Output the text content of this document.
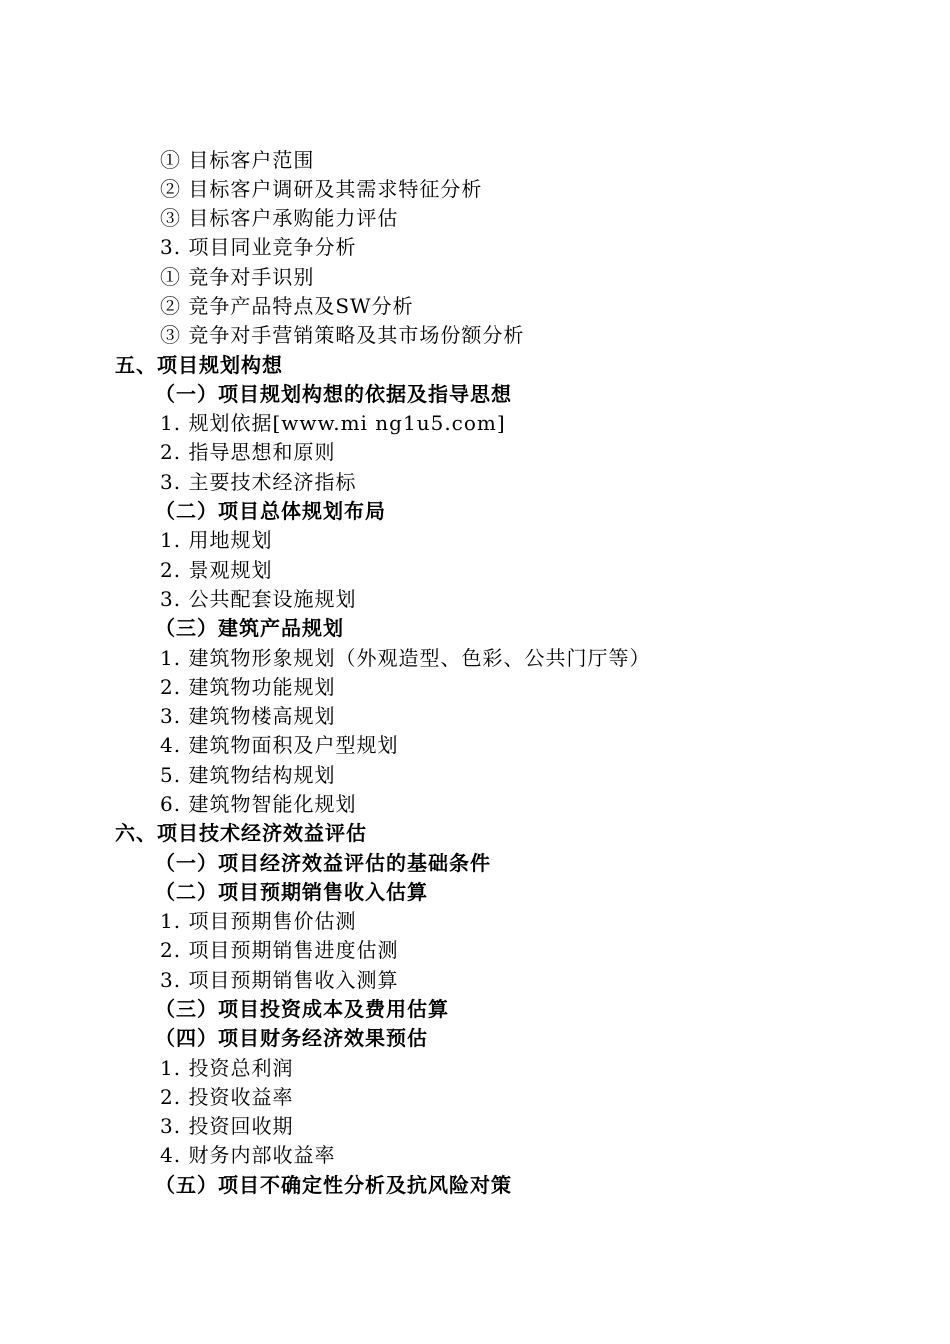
① 目标客户范围
② 目标客户调研及其需求特征分析
③ 目标客户承购能力评估
3. 项目同业竞争分析
① 竞争对手识别
② 竞争产品特点及SW分析
③ 竞争对手营销策略及其市场份额分析
五、项目规划构想
（一）项目规划构想的依据及指导思想
1. 规划依据[www.mi ng1u5.com]
2. 指导思想和原则
3. 主要技术经济指标
（二）项目总体规划布局
1. 用地规划
2. 景观规划
3. 公共配套设施规划
（三）建筑产品规划
1. 建筑物形象规划（外观造型、色彩、公共门厅等）
2. 建筑物功能规划
3. 建筑物楼高规划
4. 建筑物面积及户型规划
5. 建筑物结构规划
6. 建筑物智能化规划
六、项目技术经济效益评估
（一）项目经济效益评估的基础条件
（二）项目预期销售收入估算
1. 项目预期售价估测
2. 项目预期销售进度估测
3. 项目预期销售收入测算
（三）项目投资成本及费用估算
（四）项目财务经济效果预估
1. 投资总利润
2. 投资收益率
3. 投资回收期
4. 财务内部收益率
（五）项目不确定性分析及抗风险对策
